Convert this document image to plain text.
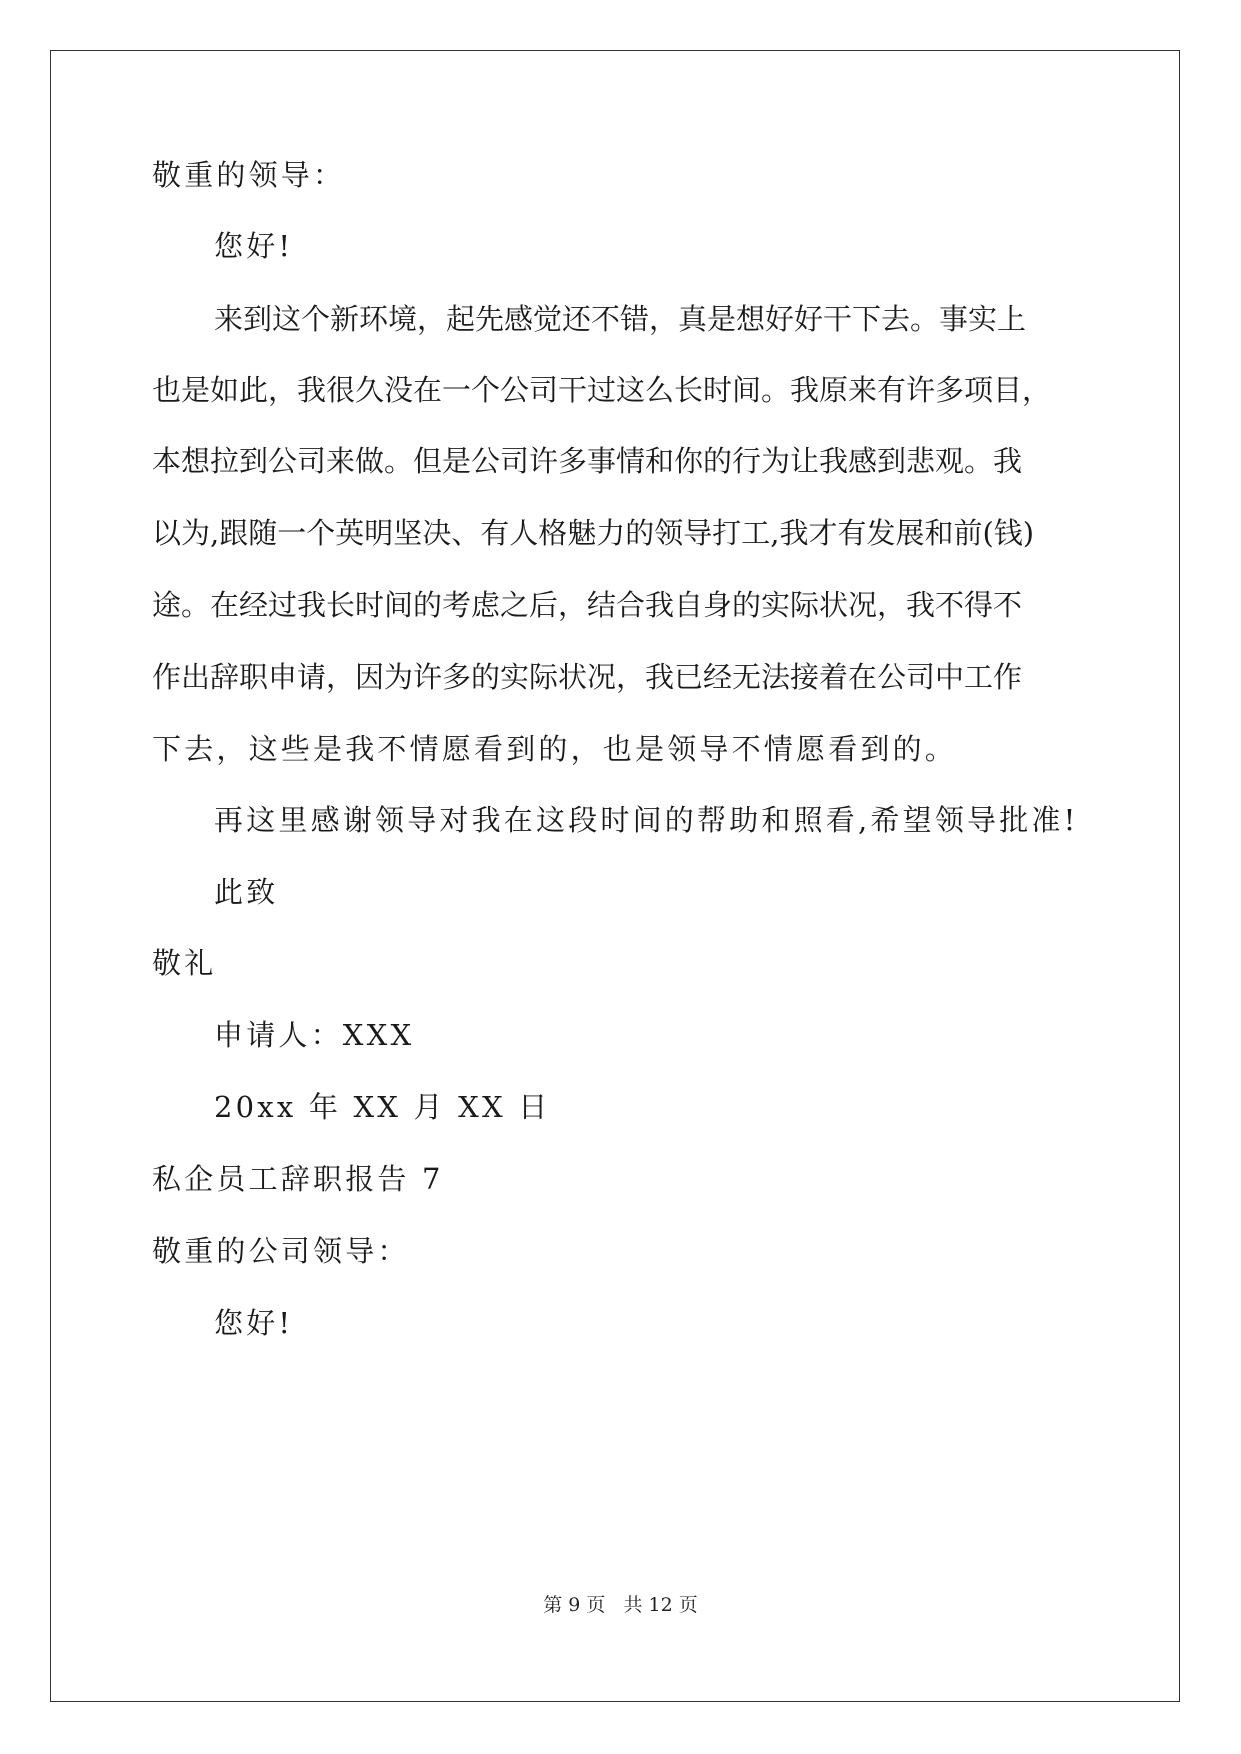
敬重的领导：
您好!
来到这个新环境，起先感觉还不错，真是想好好干下去。事实上
也是如此，我很久没在一个公司干过这么长时间。我原来有许多项目，
本想拉到公司来做。但是公司许多事情和你的行为让我感到悲观。我
以为,跟随一个英明坚决、有人格魅力的领导打工,我才有发展和前(钱)
途。在经过我长时间的考虑之后，结合我自身的实际状况，我不得不
作出辞职申请，因为许多的实际状况，我已经无法接着在公司中工作
下去，这些是我不情愿看到的，也是领导不情愿看到的。
再这里感谢领导对我在这段时间的帮助和照看,希望领导批准!
此致
敬礼
申请人：XXX
20xx 年 XX 月 XX 日
私企员工辞职报告 7
敬重的公司领导：
您好!
第 9 页 共 12 页
